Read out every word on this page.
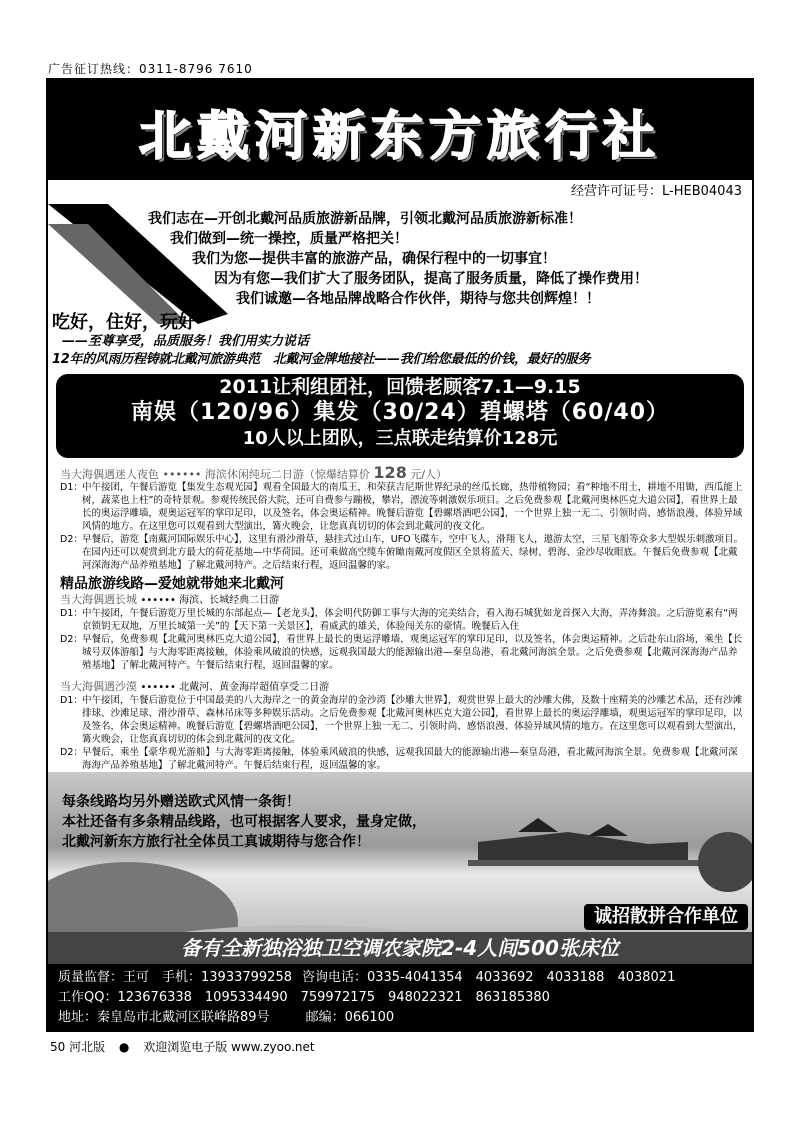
广告征订热线：0311-8796 7610
北戴河新东方旅行社
经营许可证号：L-HEB04043
我们志在—开创北戴河品质旅游新品牌，引领北戴河品质旅游新标准！
我们做到—统一操控，质量严格把关！
我们为您—提供丰富的旅游产品，确保行程中的一切事宜！
因为有您—我们扩大了服务团队，提高了服务质量，降低了操作费用！
我们诚邀—各地品牌战略合作伙伴，期待与您共创辉煌！！
吃好，住好，玩好
——至尊享受，品质服务！我们用实力说话
12年的风雨历程铸就北戴河旅游典范　北戴河金牌地接社——我们给您最低的价钱，最好的服务
2011让利组团社，回馈老顾客7.1—9.15
南娱（120/96）集发（30/24）碧螺塔（60/40）
10人以上团队，三点联走结算价128元
当大海偶遇迷人夜色 •••••• 海滨休闲纯玩二日游（惊爆结算价 128 元/人）
D1： 中午接团，午餐后游览【集发生态观光园】观看全国最大的南瓜王，和荣获吉尼斯世界纪录的丝瓜长廊，热带植物园；看“种地不用土，耕地不用锄，西瓜能上树，蔬菜也上柱”的奇特景观。参观传统民俗大院，还可自费参与蹦极，攀岩，漂流等刺激娱乐项目。之后免费参观【北戴河奥林匹克大道公园】，看世界上最长的奥运浮雕墙，观奥运冠军的掌印足印，以及签名，体会奥运精神。晚餐后游览【碧螺塔酒吧公园】，一个世界上独一无二、引领时尚、感悟浪漫、体验异域风情的地方。在这里您可以观看到大型演出，篝火晚会，让您真真切切的体会到北戴河的夜文化。
D2： 早餐后，游览【南戴河国际娱乐中心】，这里有滑沙滑草，悬挂式过山车，UFO飞碟车，空中飞人，滑翔飞人，遨游太空，三星飞船等众多大型娱乐刺激项目。在园内还可以观赏到北方最大的荷花基地—中华荷园。还可乘做高空缆车俯瞰南戴河度假区全景将蓝天、绿树、碧海、金沙尽收眼底。午餐后免费参观【北戴河深海海产品养殖基地】了解北戴河特产。之后结束行程，返回温馨的家。
精品旅游线路—爱她就带她来北戴河
当大海偶遇长城 •••••• 海滨、长城经典二日游
D1： 中午接团，午餐后游览万里长城的东部起点—【老龙头】，体会明代防御工事与大海的完美结合，看入海石城犹如龙首探入大海，弄涛舞浪。之后游览素有“两京锁钥无双地，万里长城第一关”的【天下第一关景区】，看威武的雄关，体验闯关东的豪情。晚餐后入住
D2： 早餐后，免费参观【北戴河奥林匹克大道公园】，看世界上最长的奥运浮雕墙，观奥运冠军的掌印足印，以及签名，体会奥运精神。之后赴东山浴场，乘坐【长城号双体游船】与大海零距离接触，体验乘风破浪的快感，远观我国最大的能源输出港—秦皇岛港，看北戴河海滨全景。之后免费参观【北戴河深海海产品养殖基地】了解北戴河特产。午餐后结束行程，返回温馨的家。
当大海偶遇沙漠 •••••• 北戴河、黄金海岸超值享受二日游
D1： 中午接团，午餐后游览位于中国最美的八大海岸之一的黄金海岸的金沙湾【沙雕大世界】，观赏世界上最大的沙雕大佛，及数十座精美的沙雕艺术品，还有沙滩排球、沙滩足球、滑沙滑草、森林吊床等多种娱乐活动。之后免费参观【北戴河奥林匹克大道公园】，看世界上最长的奥运浮雕墙，观奥运冠军的掌印足印，以及签名，体会奥运精神。晚餐后游览【碧螺塔酒吧公园】，一个世界上独一无二、引领时尚、感悟浪漫、体验异域风情的地方。在这里您可以观看到大型演出，篝火晚会，让您真真切切的体会到北戴河的夜文化。
D2： 早餐后，乘坐【豪华观光游船】与大海零距离接触，体验乘风破浪的快感，远观我国最大的能源输出港—秦皇岛港，看北戴河海滨全景。免费参观【北戴河深海海产品养殖基地】了解北戴河特产。午餐后结束行程，返回温馨的家。
每条线路均另外赠送欧式风情一条街！
本社还备有多条精品线路，也可根据客人要求，量身定做，
北戴河新东方旅行社全体员工真诚期待与您合作！
诚招散拼合作单位
备有全新独浴独卫空调农家院2-4人间500张床位
质量监督：王可　手机：13933799258 咨询电话：0335-4041354　4033692　4033188　4038021
工作QQ：123676338　1095334490　759972175　948022321　863185380
地址：秦皇岛市北戴河区联峰路89号　　	邮编：066100
50 河北版 ● 欢迎浏览电子版 www.zyoo.net
